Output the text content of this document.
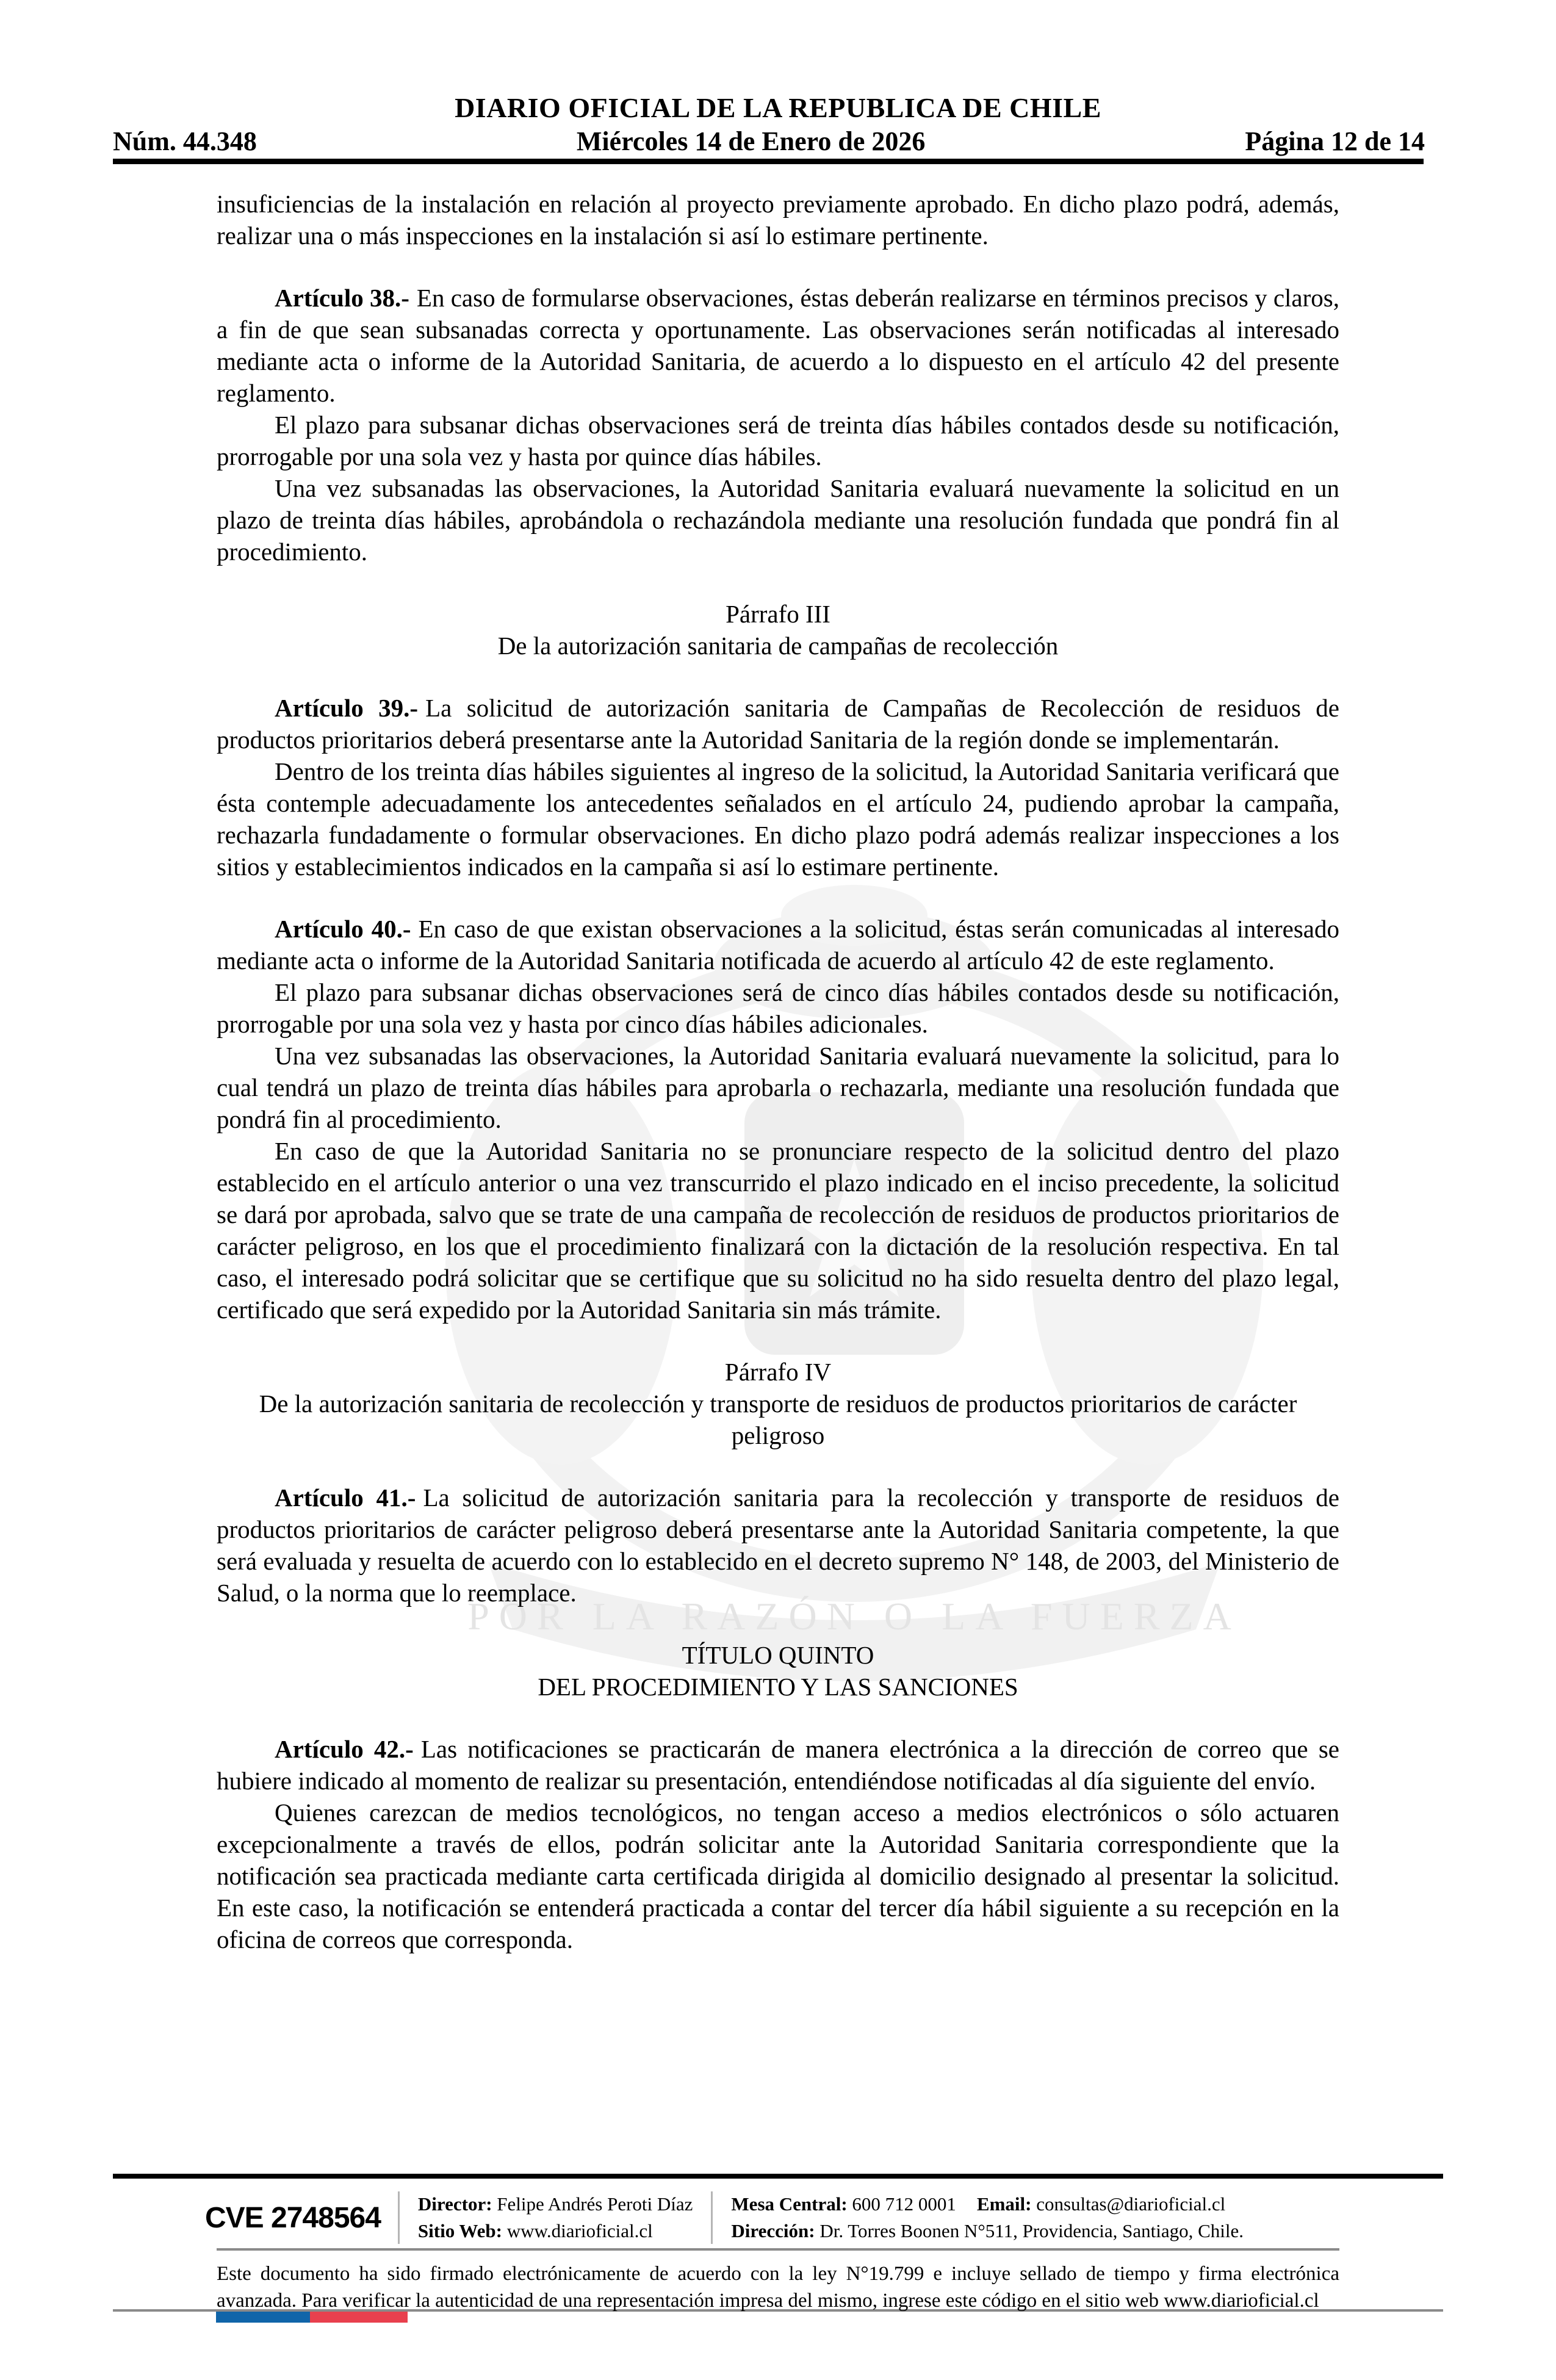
DIARIO OFICIAL DE LA REPUBLICA DE CHILE
Núm. 44.348	Miércoles 14 de Enero de 2026	Página 12 de 14
POR LA RAZÓN O LA FUERZA

insuficiencias de la instalación en relación al proyecto previamente aprobado. En dicho plazo podrá, además, realizar una o más inspecciones en la instalación si así lo estimare pertinente.

Artículo 38.- En caso de formularse observaciones, éstas deberán realizarse en términos precisos y claros, a fin de que sean subsanadas correcta y oportunamente. Las observaciones serán notificadas al interesado mediante acta o informe de la Autoridad Sanitaria, de acuerdo a lo dispuesto en el artículo 42 del presente reglamento.

El plazo para subsanar dichas observaciones será de treinta días hábiles contados desde su notificación, prorrogable por una sola vez y hasta por quince días hábiles.

Una vez subsanadas las observaciones, la Autoridad Sanitaria evaluará nuevamente la solicitud en un plazo de treinta días hábiles, aprobándola o rechazándola mediante una resolución fundada que pondrá fin al procedimiento.

Párrafo III

De la autorización sanitaria de campañas de recolección

Artículo 39.- La solicitud de autorización sanitaria de Campañas de Recolección de residuos de productos prioritarios deberá presentarse ante la Autoridad Sanitaria de la región donde se implementarán.

Dentro de los treinta días hábiles siguientes al ingreso de la solicitud, la Autoridad Sanitaria verificará que ésta contemple adecuadamente los antecedentes señalados en el artículo 24, pudiendo aprobar la campaña, rechazarla fundadamente o formular observaciones. En dicho plazo podrá además realizar inspecciones a los sitios y establecimientos indicados en la campaña si así lo estimare pertinente.

Artículo 40.- En caso de que existan observaciones a la solicitud, éstas serán comunicadas al interesado mediante acta o informe de la Autoridad Sanitaria notificada de acuerdo al artículo 42 de este reglamento.

El plazo para subsanar dichas observaciones será de cinco días hábiles contados desde su notificación, prorrogable por una sola vez y hasta por cinco días hábiles adicionales.

Una vez subsanadas las observaciones, la Autoridad Sanitaria evaluará nuevamente la solicitud, para lo cual tendrá un plazo de treinta días hábiles para aprobarla o rechazarla, mediante una resolución fundada que pondrá fin al procedimiento.

En caso de que la Autoridad Sanitaria no se pronunciare respecto de la solicitud dentro del plazo establecido en el artículo anterior o una vez transcurrido el plazo indicado en el inciso precedente, la solicitud se dará por aprobada, salvo que se trate de una campaña de recolección de residuos de productos prioritarios de carácter peligroso, en los que el procedimiento finalizará con la dictación de la resolución respectiva. En tal caso, el interesado podrá solicitar que se certifique que su solicitud no ha sido resuelta dentro del plazo legal, certificado que será expedido por la Autoridad Sanitaria sin más trámite.

Párrafo IV

De la autorización sanitaria de recolección y transporte de residuos de productos prioritarios de carácter peligroso

Artículo 41.- La solicitud de autorización sanitaria para la recolección y transporte de residuos de productos prioritarios de carácter peligroso deberá presentarse ante la Autoridad Sanitaria competente, la que será evaluada y resuelta de acuerdo con lo establecido en el decreto supremo N° 148, de 2003, del Ministerio de Salud, o la norma que lo reemplace.

TÍTULO QUINTO

DEL PROCEDIMIENTO Y LAS SANCIONES

Artículo 42.- Las notificaciones se practicarán de manera electrónica a la dirección de correo que se hubiere indicado al momento de realizar su presentación, entendiéndose notificadas al día siguiente del envío.

Quienes carezcan de medios tecnológicos, no tengan acceso a medios electrónicos o sólo actuaren excepcionalmente a través de ellos, podrán solicitar ante la Autoridad Sanitaria correspondiente que la notificación sea practicada mediante carta certificada dirigida al domicilio designado al presentar la solicitud. En este caso, la notificación se entenderá practicada a contar del tercer día hábil siguiente a su recepción en la oficina de correos que corresponda.

CVE 2748564	Director: Felipe Andrés Peroti Díaz
Sitio Web: www.diarioficial.cl
Mesa Central: 600 712 0001 Email: consultas@diarioficial.cl
Dirección: Dr. Torres Boonen N°511, Providencia, Santiago, Chile.
Este documento ha sido firmado electrónicamente de acuerdo con la ley N°19.799 e incluye sellado de tiempo y firma electrónica avanzada. Para verificar la autenticidad de una representación impresa del mismo, ingrese este código en el sitio web www.diarioficial.cl
